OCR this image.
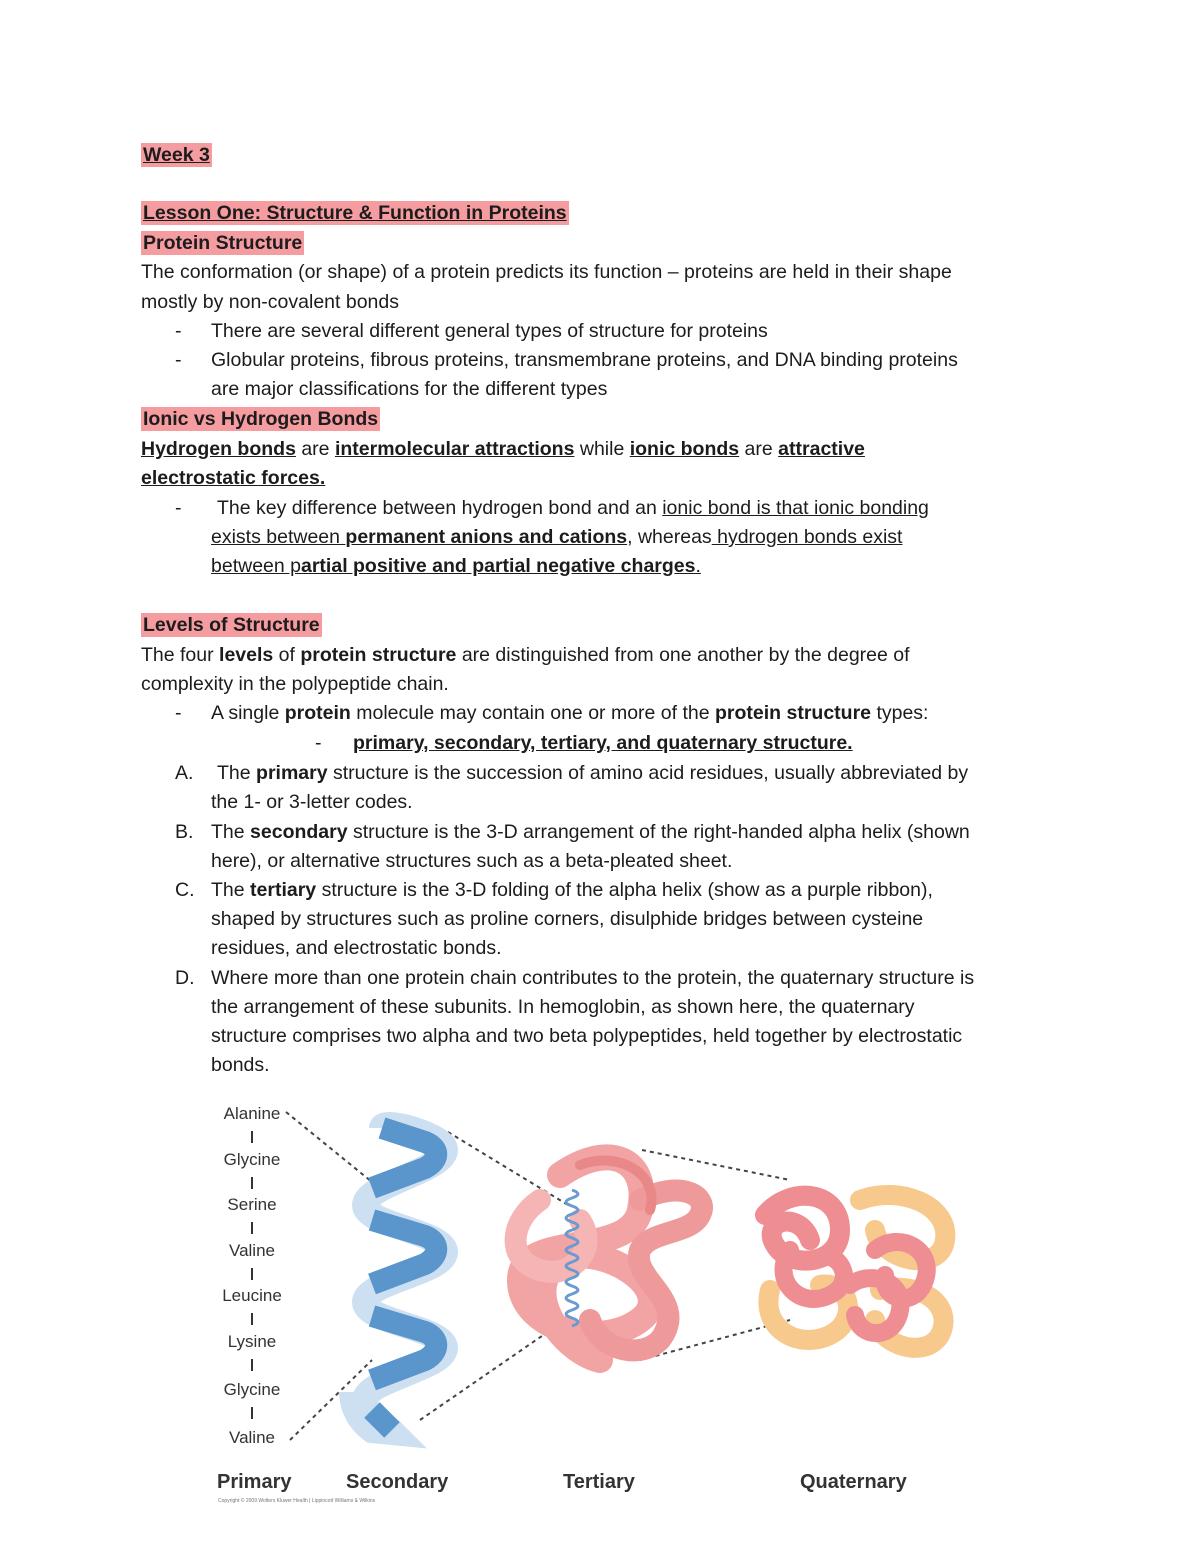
Week 3
Lesson One: Structure & Function in Proteins
Protein Structure
The conformation (or shape) of a protein predicts its function – proteins are held in their shape
mostly by non-covalent bonds
- There are several different general types of structure for proteins
- Globular proteins, fibrous proteins, transmembrane proteins, and DNA binding proteins
are major classifications for the different types
Ionic vs Hydrogen Bonds
Hydrogen bonds are intermolecular attractions while ionic bonds are attractive
electrostatic forces.
- The key difference between hydrogen bond and an ionic bond is that ionic bonding
exists between permanent anions and cations, whereas hydrogen bonds exist
between partial positive and partial negative charges.
Levels of Structure
The four levels of protein structure are distinguished from one another by the degree of
complexity in the polypeptide chain.
- A single protein molecule may contain one or more of the protein structure types:
- primary, secondary, tertiary, and quaternary structure.
A. The primary structure is the succession of amino acid residues, usually abbreviated by
the 1- or 3-letter codes.
B. The secondary structure is the 3-D arrangement of the right-handed alpha helix (shown
here), or alternative structures such as a beta-pleated sheet.
C. The tertiary structure is the 3-D folding of the alpha helix (show as a purple ribbon),
shaped by structures such as proline corners, disulphide bridges between cysteine
residues, and electrostatic bonds.
D. Where more than one protein chain contributes to the protein, the quaternary structure is
the arrangement of these subunits. In hemoglobin, as shown here, the quaternary
structure comprises two alpha and two beta polypeptides, held together by electrostatic
bonds.
Alanine
Glycine
Serine
Valine
Leucine
Lysine
Glycine
Valine
Primary	Secondary	Tertiary	Quaternary
Copyright © 2009 Wolters Kluwer Health | Lippincott Williams & Wilkins
